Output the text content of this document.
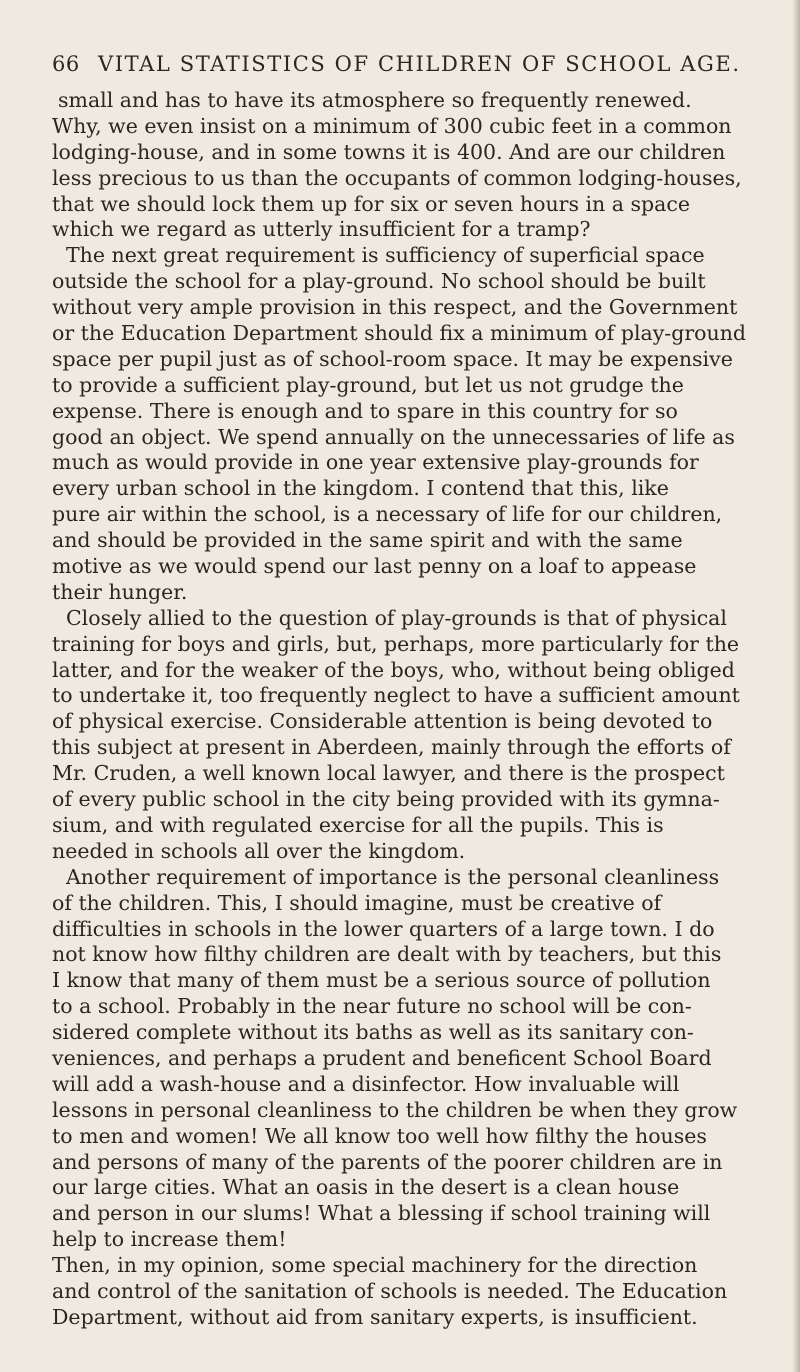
66 VITAL STATISTICS OF CHILDREN OF SCHOOL AGE.
small and has to have its atmosphere so frequently renewed.
Why, we even insist on a minimum of 300 cubic feet in a common
lodging-house, and in some towns it is 400. And are our children
less precious to us than the occupants of common lodging-houses,
that we should lock them up for six or seven hours in a space
which we regard as utterly insufficient for a tramp?
The next great requirement is sufficiency of superficial space
outside the school for a play-ground. No school should be built
without very ample provision in this respect, and the Government
or the Education Department should fix a minimum of play-ground
space per pupil just as of school-room space. It may be expensive
to provide a sufficient play-ground, but let us not grudge the
expense. There is enough and to spare in this country for so
good an object. We spend annually on the unnecessaries of life as
much as would provide in one year extensive play-grounds for
every urban school in the kingdom. I contend that this, like
pure air within the school, is a necessary of life for our children,
and should be provided in the same spirit and with the same
motive as we would spend our last penny on a loaf to appease
their hunger.
Closely allied to the question of play-grounds is that of physical
training for boys and girls, but, perhaps, more particularly for the
latter, and for the weaker of the boys, who, without being obliged
to undertake it, too frequently neglect to have a sufficient amount
of physical exercise. Considerable attention is being devoted to
this subject at present in Aberdeen, mainly through the efforts of
Mr. Cruden, a well known local lawyer, and there is the prospect
of every public school in the city being provided with its gymna-
sium, and with regulated exercise for all the pupils. This is
needed in schools all over the kingdom.
Another requirement of importance is the personal cleanliness
of the children. This, I should imagine, must be creative of
difficulties in schools in the lower quarters of a large town. I do
not know how filthy children are dealt with by teachers, but this
I know that many of them must be a serious source of pollution
to a school. Probably in the near future no school will be con-
sidered complete without its baths as well as its sanitary con-
veniences, and perhaps a prudent and beneficent School Board
will add a wash-house and a disinfector. How invaluable will
lessons in personal cleanliness to the children be when they grow
to men and women! We all know too well how filthy the houses
and persons of many of the parents of the poorer children are in
our large cities. What an oasis in the desert is a clean house
and person in our slums! What a blessing if school training will
help to increase them!
Then, in my opinion, some special machinery for the direction
and control of the sanitation of schools is needed. The Education
Department, without aid from sanitary experts, is insufficient.
